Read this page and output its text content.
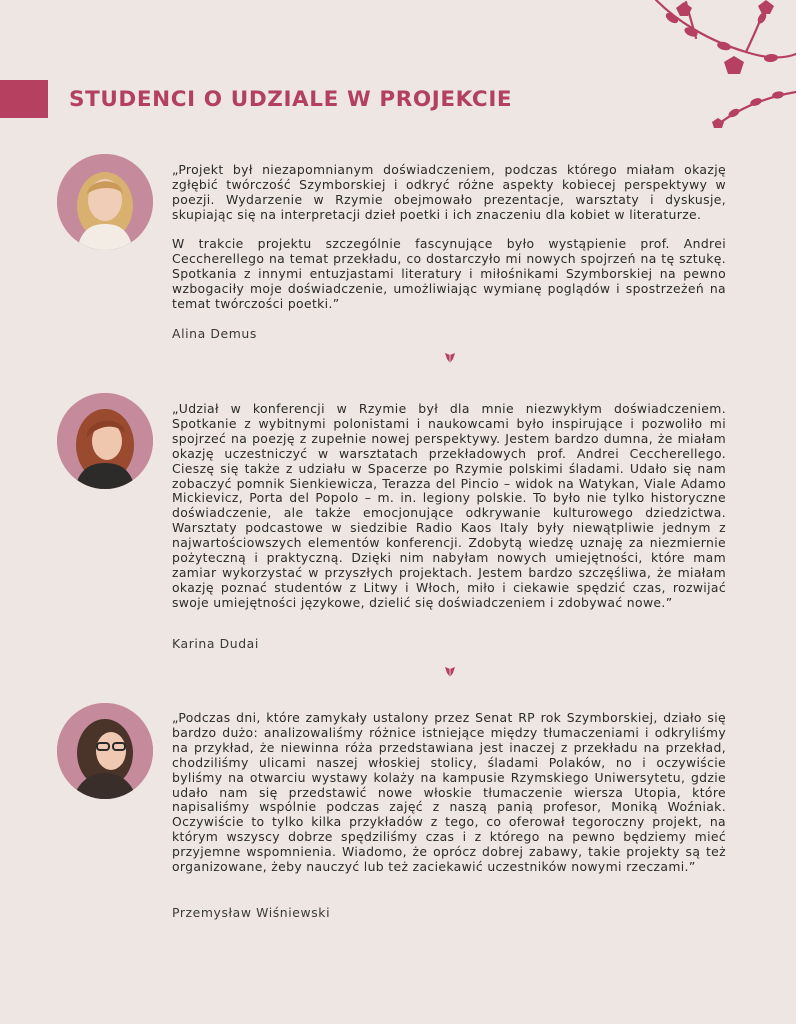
STUDENCI O UDZIALE W PROJEKCIE

„Projekt był niezapomnianym doświadczeniem, podczas którego miałam okazję zgłębić twórczość Szymborskiej i odkryć różne aspekty kobiecej perspektywy w poezji. Wydarzenie w Rzymie obejmowało prezentacje, warsztaty i dyskusje, skupiając się na interpretacji dzieł poetki i ich znaczeniu dla kobiet w literaturze.

W trakcie projektu szczególnie fascynujące było wystąpienie prof. Andrei Ceccherellego na temat przekładu, co dostarczyło mi nowych spojrzeń na tę sztukę. Spotkania z innymi entuzjastami literatury i miłośnikami Szymborskiej na pewno wzbogaciły moje doświadczenie, umożliwiając wymianę poglądów i spostrzeżeń na temat twórczości poetki.”

Alina Demus

„Udział w konferencji w Rzymie był dla mnie niezwykłym doświadczeniem. Spotkanie z wybitnymi polonistami i naukowcami było inspirujące i pozwoliło mi spojrzeć na poezję z zupełnie nowej perspektywy. Jestem bardzo dumna, że miałam okazję uczestniczyć w warsztatach przekładowych prof. Andrei Ceccherellego. Cieszę się także z udziału w Spacerze po Rzymie polskimi śladami. Udało się nam zobaczyć pomnik Sienkiewicza, Terazza del Pincio – widok na Watykan, Viale Adamo Mickievicz, Porta del Popolo – m. in. legiony polskie. To było nie tylko historyczne doświadczenie, ale także emocjonujące odkrywanie kulturowego dziedzictwa. Warsztaty podcastowe w siedzibie Radio Kaos Italy były niewątpliwie jednym z najwartościowszych elementów konferencji. Zdobytą wiedzę uznaję za niezmiernie pożyteczną i praktyczną. Dzięki nim nabyłam nowych umiejętności, które mam zamiar wykorzystać w przyszłych projektach. Jestem bardzo szczęśliwa, że miałam okazję poznać studentów z Litwy i Włoch, miło i ciekawie spędzić czas, rozwijać swoje umiejętności językowe, dzielić się doświadczeniem i zdobywać nowe.”

Karina Dudai

„Podczas dni, które zamykały ustalony przez Senat RP rok Szymborskiej, działo się bardzo dużo: analizowaliśmy różnice istniejące między tłumaczeniami i odkryliśmy na przykład, że niewinna róża przedstawiana jest inaczej z przekładu na przekład, chodziliśmy ulicami naszej włoskiej stolicy, śladami Polaków, no i oczywiście byliśmy na otwarciu wystawy kolaży na kampusie Rzymskiego Uniwersytetu, gdzie udało nam się przedstawić nowe włoskie tłumaczenie wiersza Utopia, które napisaliśmy wspólnie podczas zajęć z naszą panią profesor, Moniką Woźniak. Oczywiście to tylko kilka przykładów z tego, co oferował tegoroczny projekt, na którym wszyscy dobrze spędziliśmy czas i z którego na pewno będziemy mieć przyjemne wspomnienia. Wiadomo, że oprócz dobrej zabawy, takie projekty są też organizowane, żeby nauczyć lub też zaciekawić uczestników nowymi rzeczami.”

Przemysław Wiśniewski
